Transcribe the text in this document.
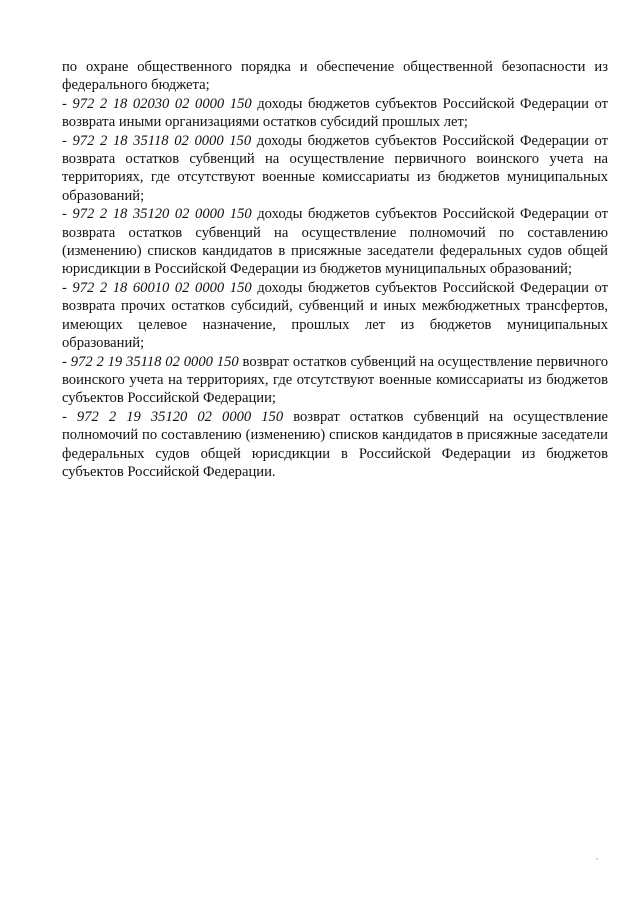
по охране общественного порядка и обеспечение общественной безопасности из федерального бюджета;

- 972 2 18 02030 02 0000 150 доходы бюджетов субъектов Российской Федерации от возврата иными организациями остатков субсидий прошлых лет;

- 972 2 18 35118 02 0000 150 доходы бюджетов субъектов Российской Федерации от возврата остатков субвенций на осуществление первичного воинского учета на территориях, где отсутствуют военные комиссариаты из бюджетов муниципальных образований;

- 972 2 18 35120 02 0000 150 доходы бюджетов субъектов Российской Федерации от возврата остатков субвенций на осуществление полномочий по составлению (изменению) списков кандидатов в присяжные заседатели федеральных судов общей юрисдикции в Российской Федерации из бюджетов муниципальных образований;

- 972 2 18 60010 02 0000 150 доходы бюджетов субъектов Российской Федерации от возврата прочих остатков субсидий, субвенций и иных межбюджетных трансфертов, имеющих целевое назначение, прошлых лет из бюджетов муниципальных образований;

- 972 2 19 35118 02 0000 150 возврат остатков субвенций на осуществление первичного воинского учета на территориях, где отсутствуют военные комиссариаты из бюджетов субъектов Российской Федерации;

- 972 2 19 35120 02 0000 150 возврат остатков субвенций на осуществление полномочий по составлению (изменению) списков кандидатов в присяжные заседатели федеральных судов общей юрисдикции в Российской Федерации из бюджетов субъектов Российской Федерации.
